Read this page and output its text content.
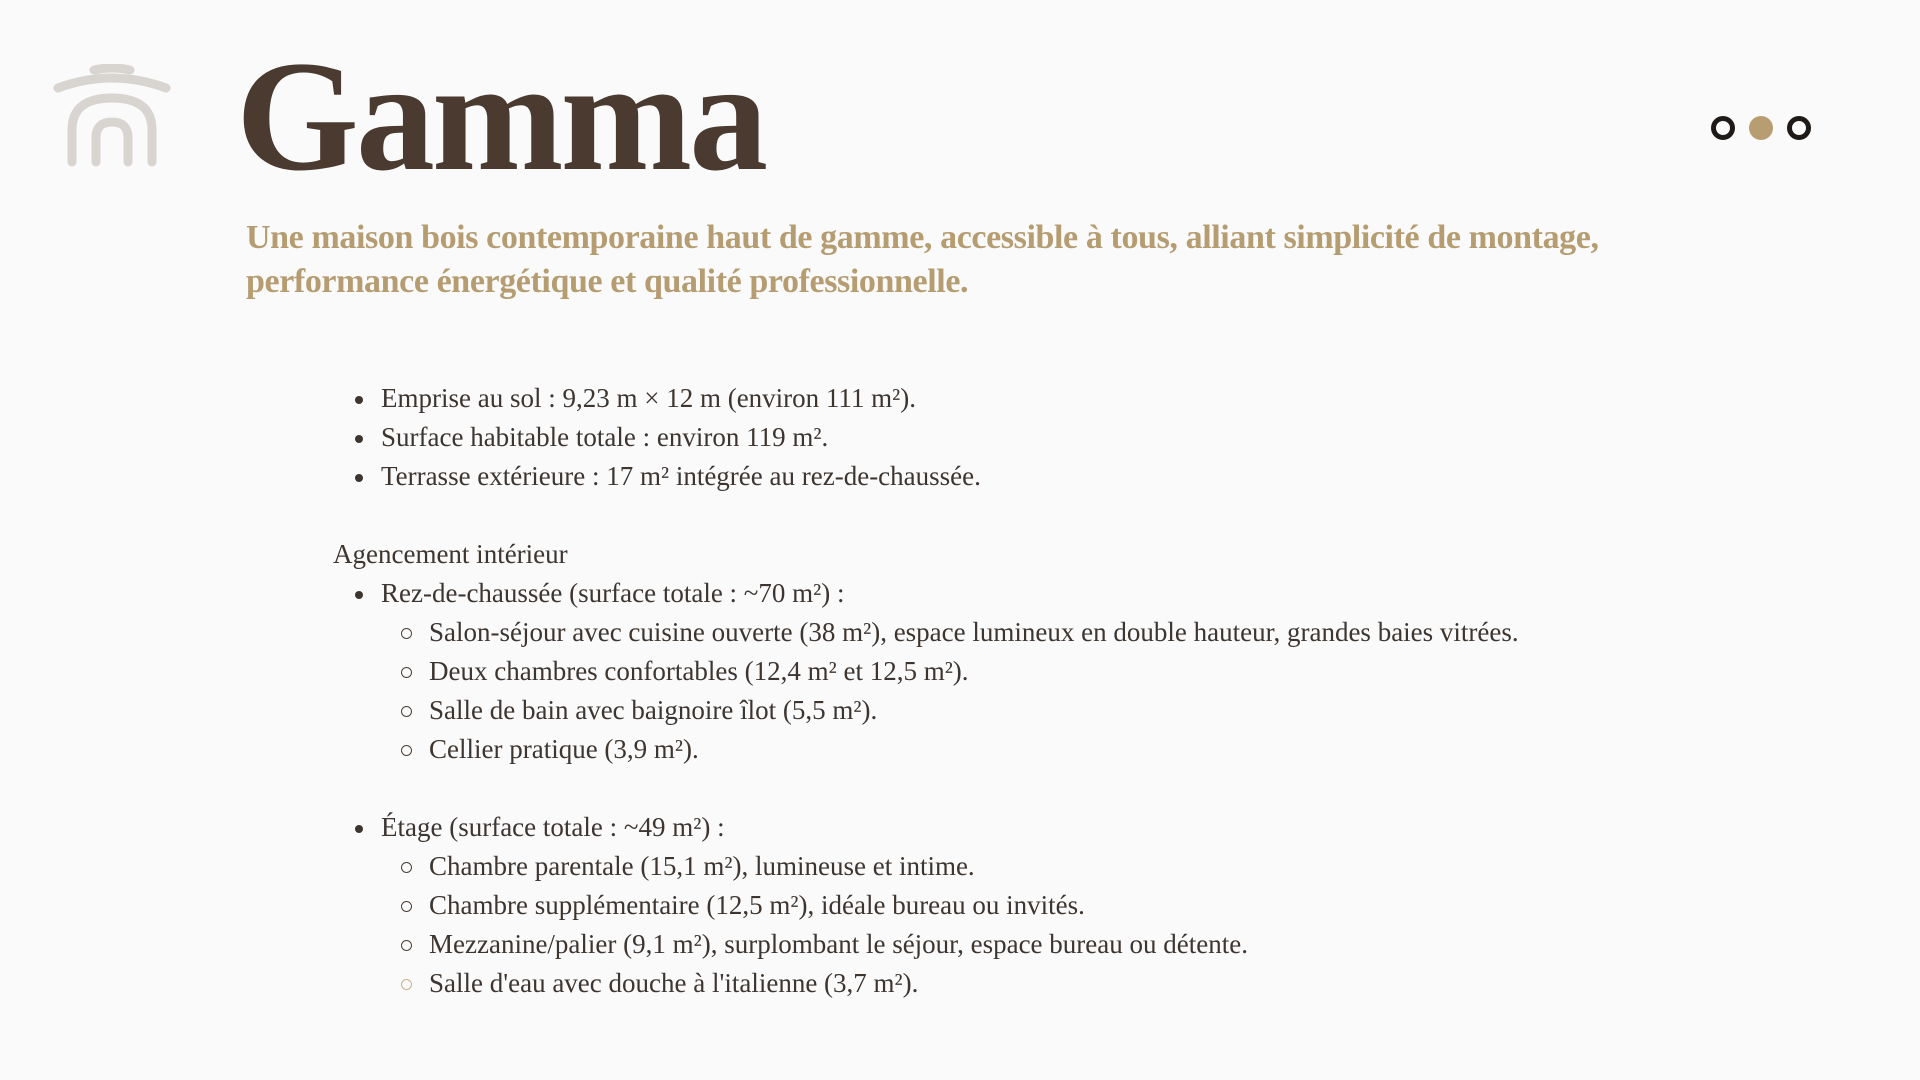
Gamma

Une maison bois contemporaine haut de gamme, accessible à tous, alliant simplicité de montage, performance énergétique et qualité professionnelle.

Emprise au sol : 9,23 m × 12 m (environ 111 m²).
Surface habitable totale : environ 119 m².
Terrasse extérieure : 17 m² intégrée au rez-de-chaussée.
Agencement intérieur
Rez-de-chaussée (surface totale : ~70 m²) :
Salon-séjour avec cuisine ouverte (38 m²), espace lumineux en double hauteur, grandes baies vitrées.
Deux chambres confortables (12,4 m² et 12,5 m²).
Salle de bain avec baignoire îlot (5,5 m²).
Cellier pratique (3,9 m²).
Étage (surface totale : ~49 m²) :
Chambre parentale (15,1 m²), lumineuse et intime.
Chambre supplémentaire (12,5 m²), idéale bureau ou invités.
Mezzanine/palier (9,1 m²), surplombant le séjour, espace bureau ou détente.
Salle d'eau avec douche à l'italienne (3,7 m²).
